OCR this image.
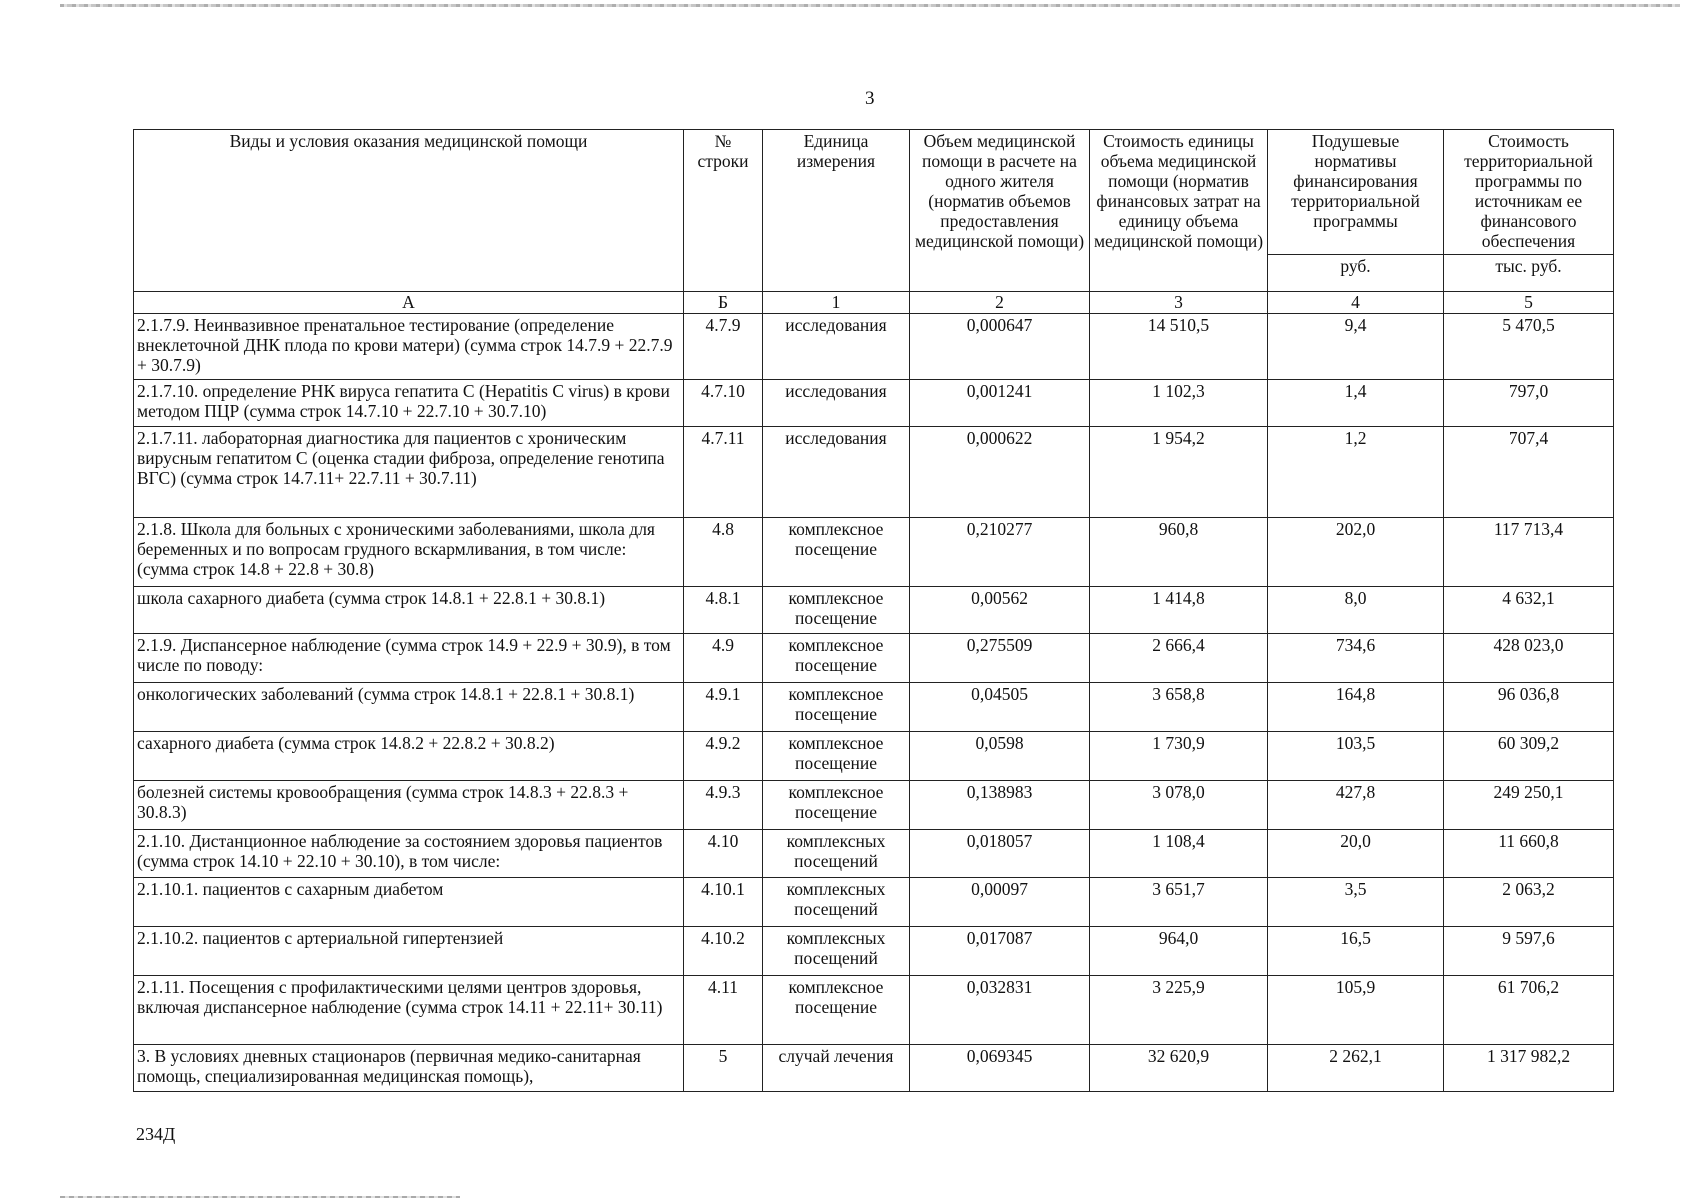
3
Виды и условия оказания медицинской помощи	№ строки	Единица измерения	Объем медицинской помощи в расчете на одного жителя (норматив объемов предоставления медицинской помощи)	Стоимость единицы объема медицинской помощи (норматив финансовых затрат на единицу объема медицинской помощи)	Подушевые нормативы финансирования территориальной программы	Стоимость территориальной программы по источникам ее финансового обеспечения
					руб.	тыс. руб.
А	Б	1	2	3	4	5
2.1.7.9. Неинвазивное пренатальное тестирование (определение внеклеточной ДНК плода по крови матери) (сумма строк 14.7.9 + 22.7.9 + 30.7.9)	4.7.9	исследования	0,000647	14 510,5	9,4	5 470,5
2.1.7.10. определение РНК вируса гепатита С (Hepatitis C virus) в крови методом ПЦР (сумма строк 14.7.10 + 22.7.10 + 30.7.10)	4.7.10	исследования	0,001241	1 102,3	1,4	797,0
2.1.7.11. лабораторная диагностика для пациентов с хроническим вирусным гепатитом С (оценка стадии фиброза, определение генотипа ВГС) (сумма строк 14.7.11+ 22.7.11 + 30.7.11)	4.7.11	исследования	0,000622	1 954,2	1,2	707,4
2.1.8. Школа для больных с хроническими заболеваниями, школа для беременных и по вопросам грудного вскармливания, в том числе: (сумма строк 14.8 + 22.8 + 30.8)	4.8	комплексное посещение	0,210277	960,8	202,0	117 713,4
школа сахарного диабета (сумма строк 14.8.1 + 22.8.1 + 30.8.1)	4.8.1	комплексное посещение	0,00562	1 414,8	8,0	4 632,1
2.1.9. Диспансерное наблюдение (сумма строк 14.9 + 22.9 + 30.9), в том числе по поводу:	4.9	комплексное посещение	0,275509	2 666,4	734,6	428 023,0
онкологических заболеваний (сумма строк 14.8.1 + 22.8.1 + 30.8.1)	4.9.1	комплексное посещение	0,04505	3 658,8	164,8	96 036,8
сахарного диабета (сумма строк 14.8.2 + 22.8.2 + 30.8.2)	4.9.2	комплексное посещение	0,0598	1 730,9	103,5	60 309,2
болезней системы кровообращения (сумма строк 14.8.3 + 22.8.3 + 30.8.3)	4.9.3	комплексное посещение	0,138983	3 078,0	427,8	249 250,1
2.1.10. Дистанционное наблюдение за состоянием здоровья пациентов (сумма строк 14.10 + 22.10 + 30.10), в том числе:	4.10	комплексных посещений	0,018057	1 108,4	20,0	11 660,8
2.1.10.1. пациентов с сахарным диабетом	4.10.1	комплексных посещений	0,00097	3 651,7	3,5	2 063,2
2.1.10.2. пациентов с артериальной гипертензией	4.10.2	комплексных посещений	0,017087	964,0	16,5	9 597,6
2.1.11. Посещения с профилактическими целями центров здоровья, включая диспансерное наблюдение (сумма строк 14.11 + 22.11+ 30.11)	4.11	комплексное посещение	0,032831	3 225,9	105,9	61 706,2
3. В условиях дневных стационаров (первичная медико-санитарная помощь, специализированная медицинская помощь),	5	случай лечения	0,069345	32 620,9	2 262,1	1 317 982,2
234Д
